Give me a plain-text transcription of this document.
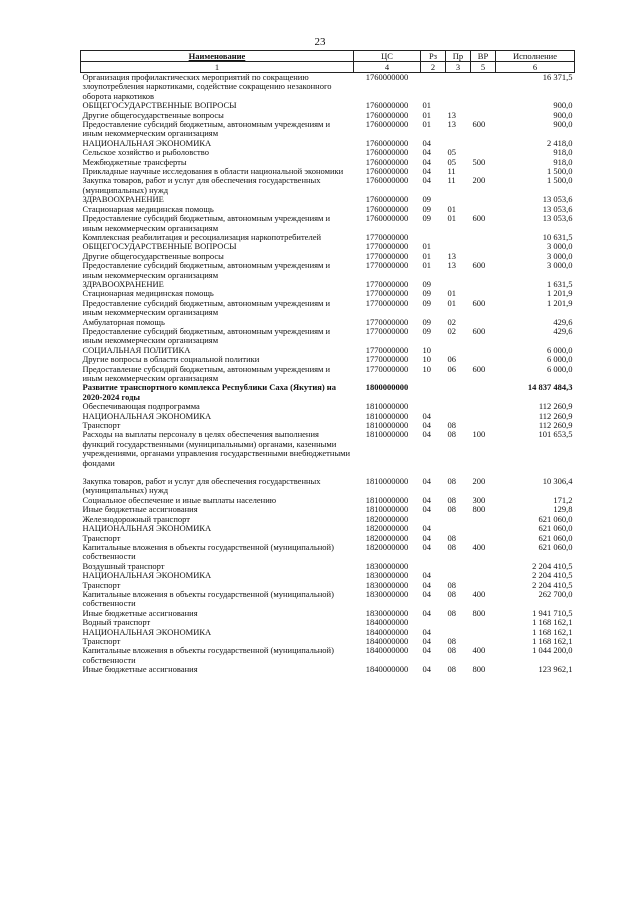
23
Наименование	ЦС	Рз	Пр	ВР	Исполнение
1	4	2	3	5	6
Организация профилактических мероприятий по сокращению злоупотребления наркотиками, содействие сокращению незаконного оборота наркотиков	1760000000				16 371,5
ОБЩЕГОСУДАРСТВЕННЫЕ ВОПРОСЫ	1760000000	01			900,0
Другие общегосударственные вопросы	1760000000	01	13		900,0
Предоставление субсидий бюджетным, автономным учреждениям и иным некоммерческим организациям	1760000000	01	13	600	900,0
НАЦИОНАЛЬНАЯ ЭКОНОМИКА	1760000000	04			2 418,0
Сельское хозяйство и рыболовство	1760000000	04	05		918,0
Межбюджетные трансферты	1760000000	04	05	500	918,0
Прикладные научные исследования в области национальной экономики	1760000000	04	11		1 500,0
Закупка товаров, работ и услуг для обеспечения государственных (муниципальных) нужд	1760000000	04	11	200	1 500,0
ЗДРАВООХРАНЕНИЕ	1760000000	09			13 053,6
Стационарная медицинская помощь	1760000000	09	01		13 053,6
Предоставление субсидий бюджетным, автономным учреждениям и иным некоммерческим организациям	1760000000	09	01	600	13 053,6
Комплексная реабилитация и ресоциализация наркопотребителей	1770000000				10 631,5
ОБЩЕГОСУДАРСТВЕННЫЕ ВОПРОСЫ	1770000000	01			3 000,0
Другие общегосударственные вопросы	1770000000	01	13		3 000,0
Предоставление субсидий бюджетным, автономным учреждениям и иным некоммерческим организациям	1770000000	01	13	600	3 000,0
ЗДРАВООХРАНЕНИЕ	1770000000	09			1 631,5
Стационарная медицинская помощь	1770000000	09	01		1 201,9
Предоставление субсидий бюджетным, автономным учреждениям и иным некоммерческим организациям	1770000000	09	01	600	1 201,9
Амбулаторная помощь	1770000000	09	02		429,6
Предоставление субсидий бюджетным, автономным учреждениям и иным некоммерческим организациям	1770000000	09	02	600	429,6
СОЦИАЛЬНАЯ ПОЛИТИКА	1770000000	10			6 000,0
Другие вопросы в области социальной политики	1770000000	10	06		6 000,0
Предоставление субсидий бюджетным, автономным учреждениям и иным некоммерческим организациям	1770000000	10	06	600	6 000,0
Развитие транспортного комплекса Республики Саха (Якутия) на 2020-2024 годы	1800000000				14 837 484,3
Обеспечивающая подпрограмма	1810000000				112 260,9
НАЦИОНАЛЬНАЯ ЭКОНОМИКА	1810000000	04			112 260,9
Транспорт	1810000000	04	08		112 260,9
Расходы на выплаты персоналу в целях обеспечения выполнения функций государственными (муниципальными) органами, казенными учреждениями, органами управления государственными внебюджетными фондами	1810000000	04	08	100	101 653,5

Закупка товаров, работ и услуг для обеспечения государственных (муниципальных) нужд	1810000000	04	08	200	10 306,4
Социальное обеспечение и иные выплаты населению	1810000000	04	08	300	171,2
Иные бюджетные ассигнования	1810000000	04	08	800	129,8
Железнодорожный транспорт	1820000000				621 060,0
НАЦИОНАЛЬНАЯ ЭКОНОМИКА	1820000000	04			621 060,0
Транспорт	1820000000	04	08		621 060,0
Капитальные вложения в объекты государственной (муниципальной) собственности	1820000000	04	08	400	621 060,0
Воздушный транспорт	1830000000				2 204 410,5
НАЦИОНАЛЬНАЯ ЭКОНОМИКА	1830000000	04			2 204 410,5
Транспорт	1830000000	04	08		2 204 410,5
Капитальные вложения в объекты государственной (муниципальной) собственности	1830000000	04	08	400	262 700,0
Иные бюджетные ассигнования	1830000000	04	08	800	1 941 710,5
Водный транспорт	1840000000				1 168 162,1
НАЦИОНАЛЬНАЯ ЭКОНОМИКА	1840000000	04			1 168 162,1
Транспорт	1840000000	04	08		1 168 162,1
Капитальные вложения в объекты государственной (муниципальной) собственности	1840000000	04	08	400	1 044 200,0
Иные бюджетные ассигнования	1840000000	04	08	800	123 962,1
